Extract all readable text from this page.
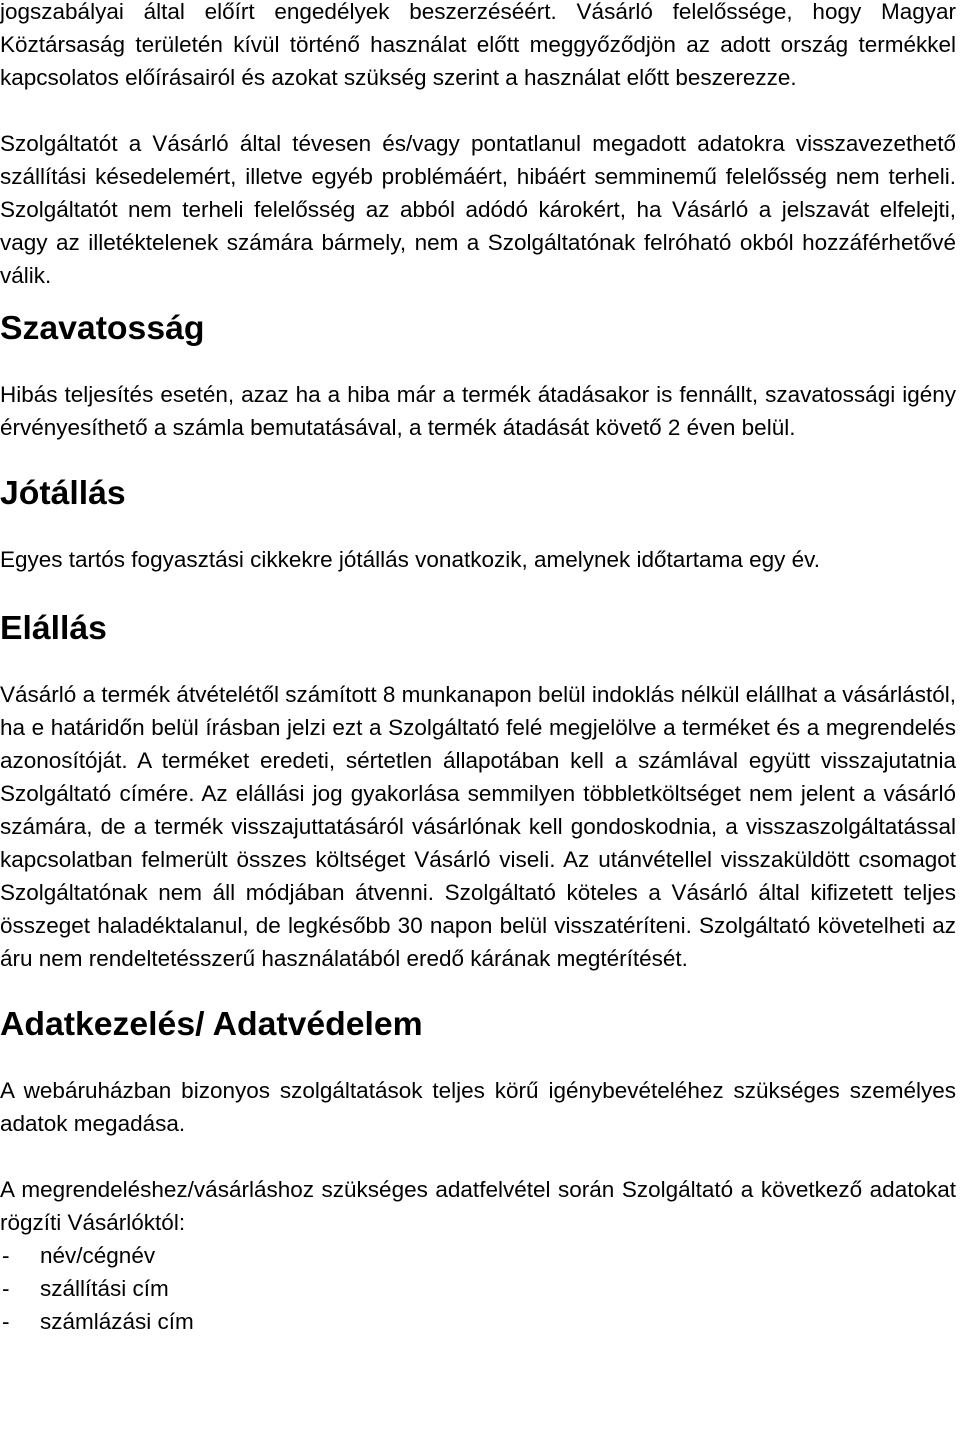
jogszabályai által előírt engedélyek beszerzéséért. Vásárló felelőssége, hogy Magyar Köztársaság területén kívül történő használat előtt meggyőződjön az adott ország termékkel kapcsolatos előírásairól és azokat szükség szerint a használat előtt beszerezze.

Szolgáltatót a Vásárló által tévesen és/vagy pontatlanul megadott adatokra visszavezethető szállítási késedelemért, illetve egyéb problémáért, hibáért semminemű felelősség nem terheli. Szolgáltatót nem terheli felelősség az abból adódó károkért, ha Vásárló a jelszavát elfelejti, vagy az illetéktelenek számára bármely, nem a Szolgáltatónak felróható okból hozzáférhetővé válik.

Szavatosság

Hibás teljesítés esetén, azaz ha a hiba már a termék átadásakor is fennállt, szavatossági igény érvényesíthető a számla bemutatásával, a termék átadását követő 2 éven belül.

Jótállás

Egyes tartós fogyasztási cikkekre jótállás vonatkozik, amelynek időtartama egy év.

Elállás

Vásárló a termék átvételétől számított 8 munkanapon belül indoklás nélkül elállhat a vásárlástól, ha e határidőn belül írásban jelzi ezt a Szolgáltató felé megjelölve a terméket és a megrendelés azonosítóját. A terméket eredeti, sértetlen állapotában kell a számlával együtt visszajutatnia Szolgáltató címére. Az elállási jog gyakorlása semmilyen többletköltséget nem jelent a vásárló számára, de a termék visszajuttatásáról vásárlónak kell gondoskodnia, a visszaszolgáltatással kapcsolatban felmerült összes költséget Vásárló viseli. Az utánvétellel visszaküldött csomagot Szolgáltatónak nem áll módjában átvenni. Szolgáltató köteles a Vásárló által kifizetett teljes összeget haladéktalanul, de legkésőbb 30 napon belül visszatéríteni. Szolgáltató követelheti az áru nem rendeltetésszerű használatából eredő kárának megtérítését.

Adatkezelés/ Adatvédelem

A webáruházban bizonyos szolgáltatások teljes körű igénybevételéhez szükséges személyes adatok megadása.

A megrendeléshez/vásárláshoz szükséges adatfelvétel során Szolgáltató a következő adatokat rögzíti Vásárlóktól:

-	név/cégnév
-	szállítási cím
-	számlázási cím
